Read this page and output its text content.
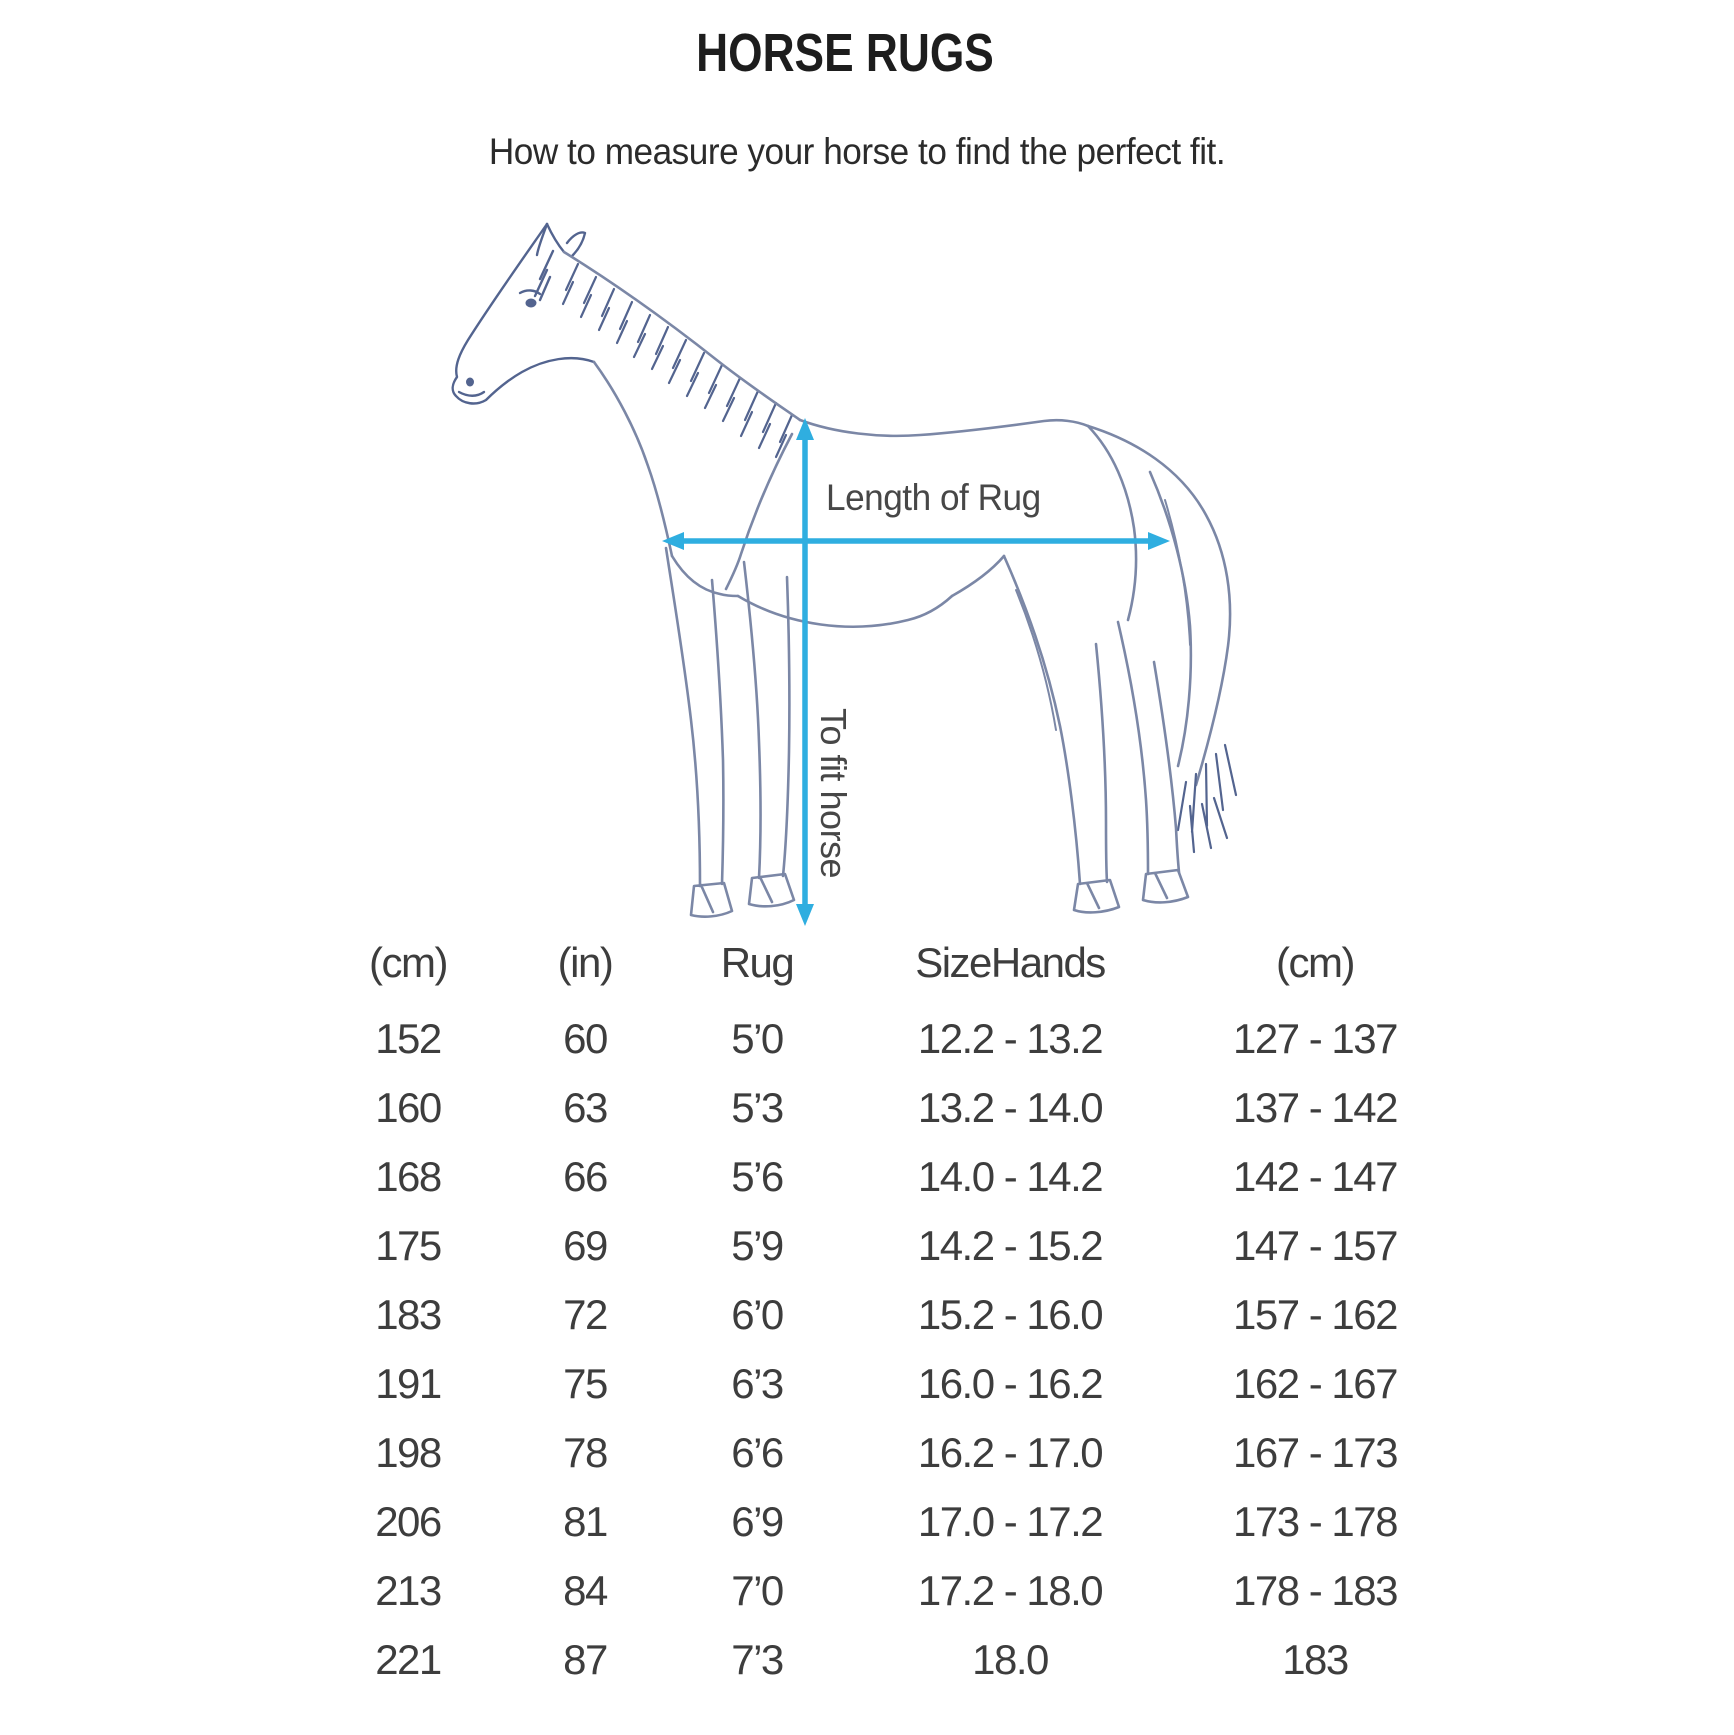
HORSE RUGS
How to measure your horse to find the perfect fit.
Length of Rug
To fit horse
(cm)	(in)	Rug	SizeHands	(cm)
152	60	5’0	12.2 - 13.2	127 - 137
160	63	5’3	13.2 - 14.0	137 - 142
168	66	5’6	14.0 - 14.2	142 - 147
175	69	5’9	14.2 - 15.2	147 - 157
183	72	6’0	15.2 - 16.0	157 - 162
191	75	6’3	16.0 - 16.2	162 - 167
198	78	6’6	16.2 - 17.0	167 - 173
206	81	6’9	17.0 - 17.2	173 - 178
213	84	7’0	17.2 - 18.0	178 - 183
221	87	7’3	18.0	183
